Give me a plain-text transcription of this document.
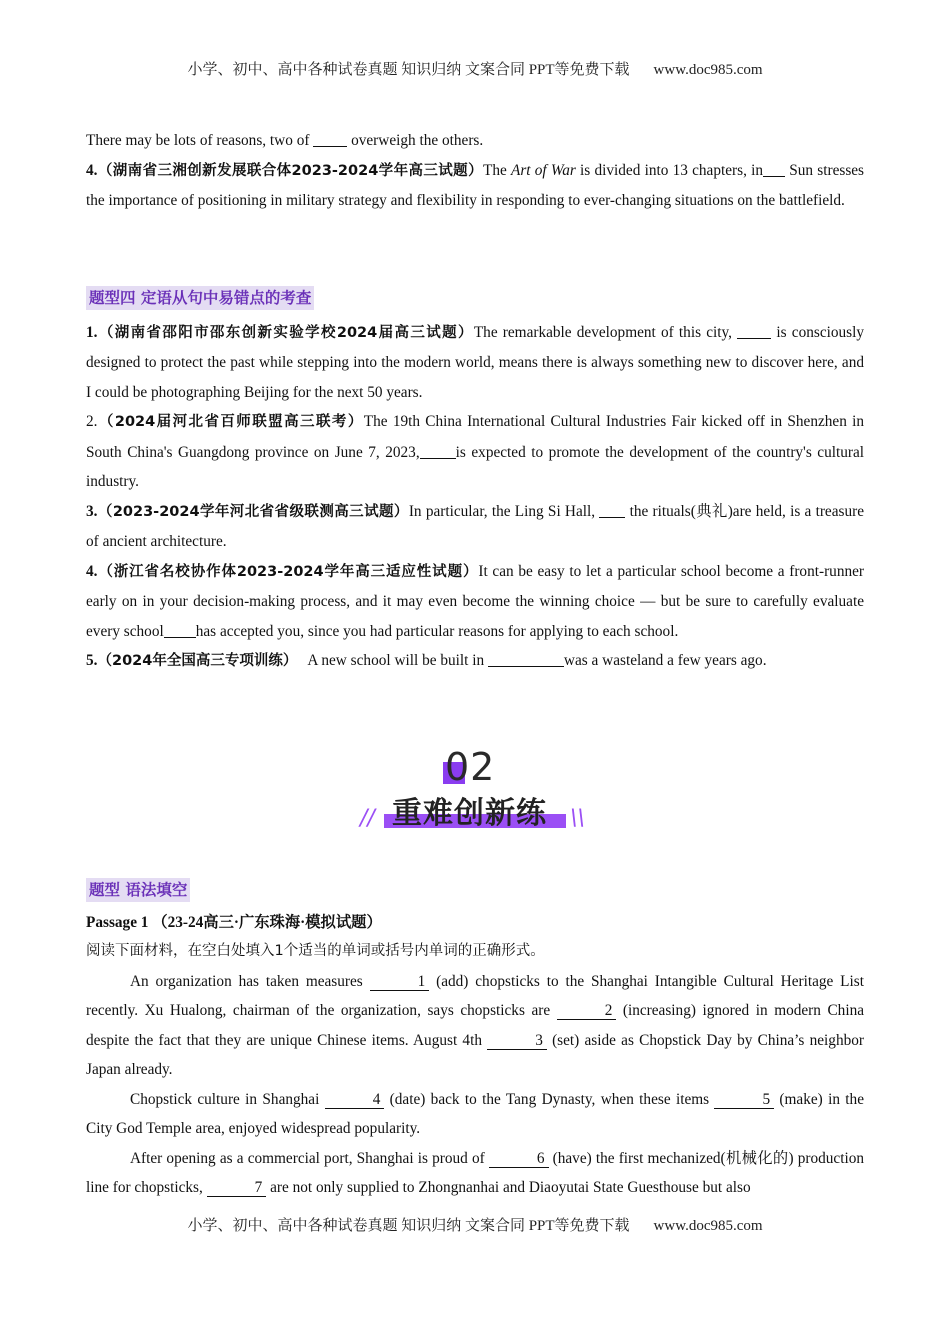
小学、初中、高中各种试卷真题 知识归纳 文案合同 PPT等免费下载 www.doc985.com

There may be lots of reasons, two of  overweigh the others.

4.（湖南省三湘创新发展联合体2023-2024学年高三试题）The Art of War is divided into 13 chapters, in Sun stresses the importance of positioning in military strategy and flexibility in responding to ever-changing situations on the battlefield.

题型四 定语从句中易错点的考查

1.（湖南省邵阳市邵东创新实验学校2024届高三试题）The remarkable development of this city,  is consciously designed to protect the past while stepping into the modern world, means there is always something new to discover here, and I could be photographing Beijing for the next 50 years.

2.（2024届河北省百师联盟高三联考）The 19th China International Cultural Industries Fair kicked off in Shenzhen in South China's Guangdong province on June 7, 2023, is expected to promote the development of the country's cultural industry.

3.（2023-2024学年河北省省级联测高三试题）In particular, the Ling Si Hall,  the rituals(典礼)are held, is a treasure of ancient architecture.

4.（浙江省名校协作体2023-2024学年高三适应性试题）It can be easy to let a particular school become a front-runner early on in your decision-making process, and it may even become the winning choice — but be sure to carefully evaluate every school has accepted you, since you had particular reasons for applying to each school.

5.（2024年全国高三专项训练） A new school will be built in	was a wasteland a few years ago.

02
重难创新练
//	\\
题型 语法填空

Passage 1 （23-24高三·广东珠海·模拟试题）

阅读下面材料，在空白处填入1个适当的单词或括号内单词的正确形式。

An organization has taken measures	1 (add) chopsticks to the Shanghai Intangible Cultural Heritage List recently. Xu Hualong, chairman of the organization, says chopsticks are	2 (increasing) ignored in modern China despite the fact that they are unique Chinese items. August 4th	3 (set) aside as Chopstick Day by China’s neighbor Japan already.

Chopstick culture in Shanghai	4 (date) back to the Tang Dynasty, when these items	5 (make) in the City God Temple area, enjoyed widespread popularity.

After opening as a commercial port, Shanghai is proud of	6 (have) the first mechanized(机械化的) production line for chopsticks,	7 are not only supplied to Zhongnanhai and Diaoyutai State Guesthouse but also

小学、初中、高中各种试卷真题 知识归纳 文案合同 PPT等免费下载 www.doc985.com
